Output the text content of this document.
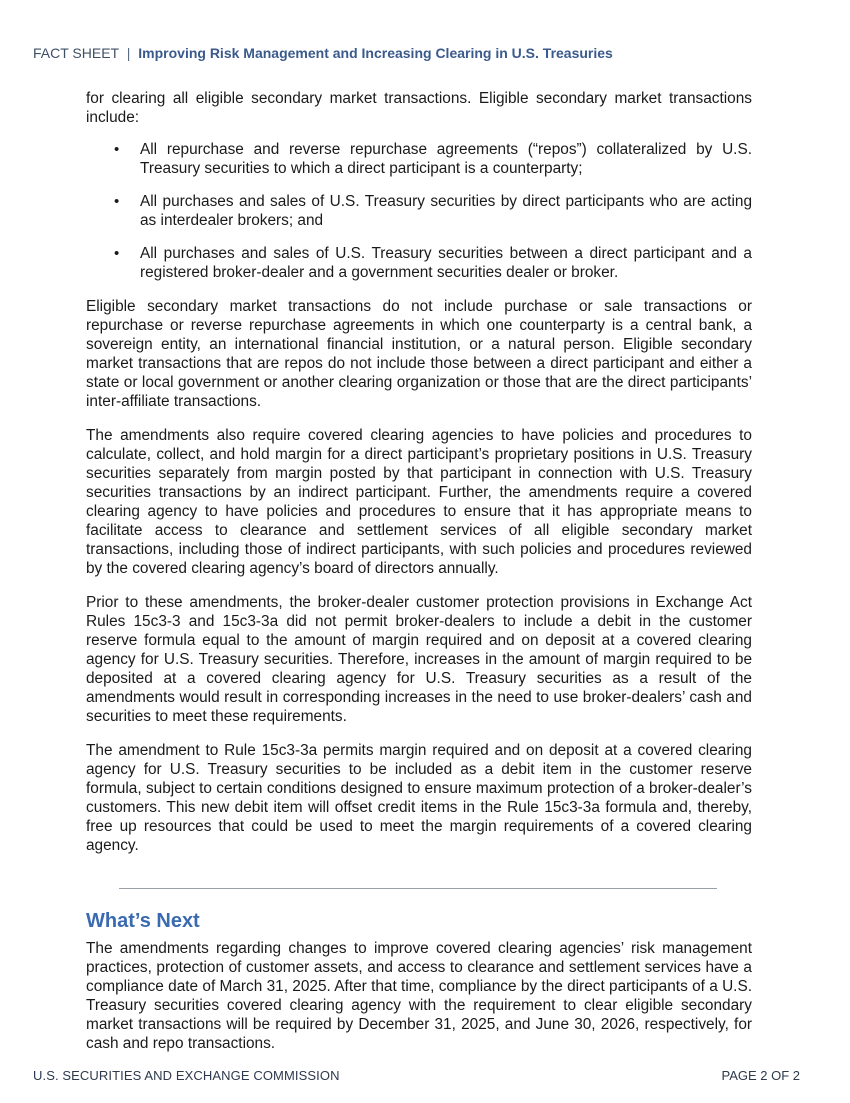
FACT SHEET | Improving Risk Management and Increasing Clearing in U.S. Treasuries

for clearing all eligible secondary market transactions. Eligible secondary market transactions include:

• All repurchase and reverse repurchase agreements (“repos”) collateralized by U.S. Treasury securities to which a direct participant is a counterparty;
• All purchases and sales of U.S. Treasury securities by direct participants who are acting as interdealer brokers; and
• All purchases and sales of U.S. Treasury securities between a direct participant and a registered broker-dealer and a government securities dealer or broker.

Eligible secondary market transactions do not include purchase or sale transactions or repurchase or reverse repurchase agreements in which one counterparty is a central bank, a sovereign entity, an international financial institution, or a natural person. Eligible secondary market transactions that are repos do not include those between a direct participant and either a state or local government or another clearing organization or those that are the direct participants’ inter-affiliate transactions.

The amendments also require covered clearing agencies to have policies and procedures to calculate, collect, and hold margin for a direct participant’s proprietary positions in U.S. Treasury securities separately from margin posted by that participant in connection with U.S. Treasury securities transactions by an indirect participant. Further, the amendments require a covered clearing agency to have policies and procedures to ensure that it has appropriate means to facilitate access to clearance and settlement services of all eligible secondary market transactions, including those of indirect participants, with such policies and procedures reviewed by the covered clearing agency’s board of directors annually.

Prior to these amendments, the broker-dealer customer protection provisions in Exchange Act Rules 15c3-3 and 15c3-3a did not permit broker-dealers to include a debit in the customer reserve formula equal to the amount of margin required and on deposit at a covered clearing agency for U.S. Treasury securities. Therefore, increases in the amount of margin required to be deposited at a covered clearing agency for U.S. Treasury securities as a result of the amendments would result in corresponding increases in the need to use broker-dealers’ cash and securities to meet these requirements.

The amendment to Rule 15c3-3a permits margin required and on deposit at a covered clearing agency for U.S. Treasury securities to be included as a debit item in the customer reserve formula, subject to certain conditions designed to ensure maximum protection of a broker-dealer’s customers. This new debit item will offset credit items in the Rule 15c3-3a formula and, thereby, free up resources that could be used to meet the margin requirements of a covered clearing agency.

What’s Next

The amendments regarding changes to improve covered clearing agencies’ risk management practices, protection of customer assets, and access to clearance and settlement services have a compliance date of March 31, 2025. After that time, compliance by the direct participants of a U.S. Treasury securities covered clearing agency with the requirement to clear eligible secondary market transactions will be required by December 31, 2025, and June 30, 2026, respectively, for cash and repo transactions.

U.S. SECURITIES AND EXCHANGE COMMISSION	PAGE 2 OF 2
